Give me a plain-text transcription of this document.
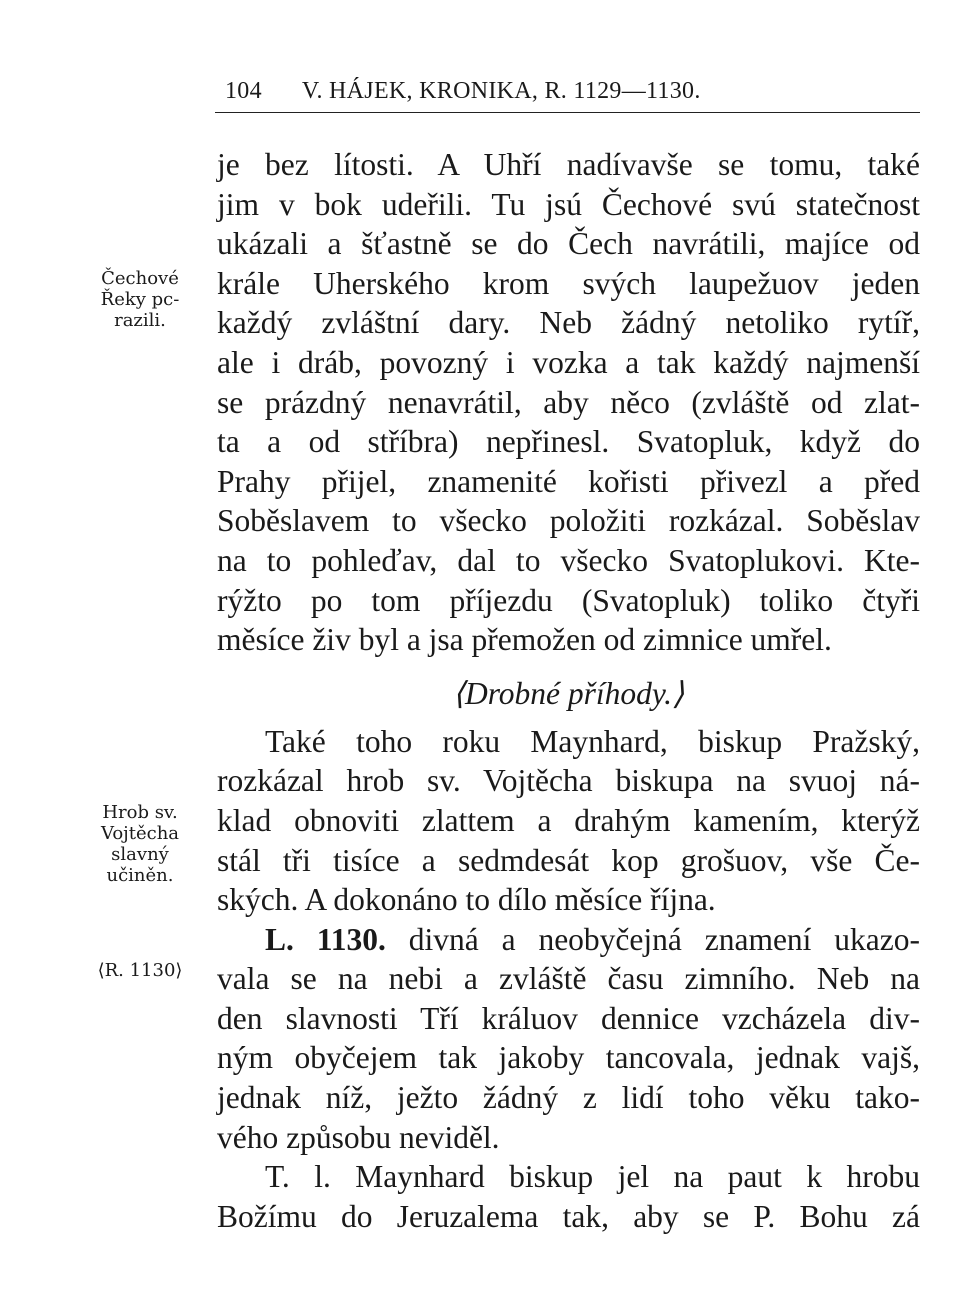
104 V. HÁJEK, KRONIKA, R. 1129—1130.
Čechové
Řeky pc-
razili.
Hrob sv.
Vojtěcha
slavný
učiněn.
⟨R. 1130⟩
je bez lítosti. A Uhří nadívavše se tomu, také
jim v bok udeřili. Tu jsú Čechové svú statečnost
ukázali a šťastně se do Čech navrátili, majíce od
krále Uherského krom svých laupežuov jeden
každý zvláštní dary. Neb žádný netoliko rytíř,
ale i dráb, povozný i vozka a tak každý najmenší
se prázdný nenavrátil, aby něco (zvláště od zlat-
ta a od stříbra) nepřinesl. Svatopluk, když do
Prahy přijel, znamenité kořisti přivezl a před
Soběslavem to všecko položiti rozkázal. Soběslav
na to pohleďav, dal to všecko Svatoplukovi. Kte-
rýžto po tom příjezdu (Svatopluk) toliko čtyři
měsíce živ byl a jsa přemožen od zimnice umřel.
⟨Drobné příhody.⟩
Také toho roku Maynhard, biskup Pražský,
rozkázal hrob sv. Vojtěcha biskupa na svuoj ná-
klad obnoviti zlattem a drahým kamením, kterýž
stál tři tisíce a sedmdesát kop grošuov, vše Če-
ských. A dokonáno to dílo měsíce října.
L. 1130. divná a neobyčejná znamení ukazo-
vala se na nebi a zvláště času zimního. Neb na
den slavnosti Tří králuov dennice vzcházela div-
ným obyčejem tak jakoby tancovala, jednak vajš,
jednak níž, ježto žádný z lidí toho věku tako-
vého způsobu neviděl.
T. l. Maynhard biskup jel na paut k hrobu
Božímu do Jeruzalema tak, aby se P. Bohu zá
